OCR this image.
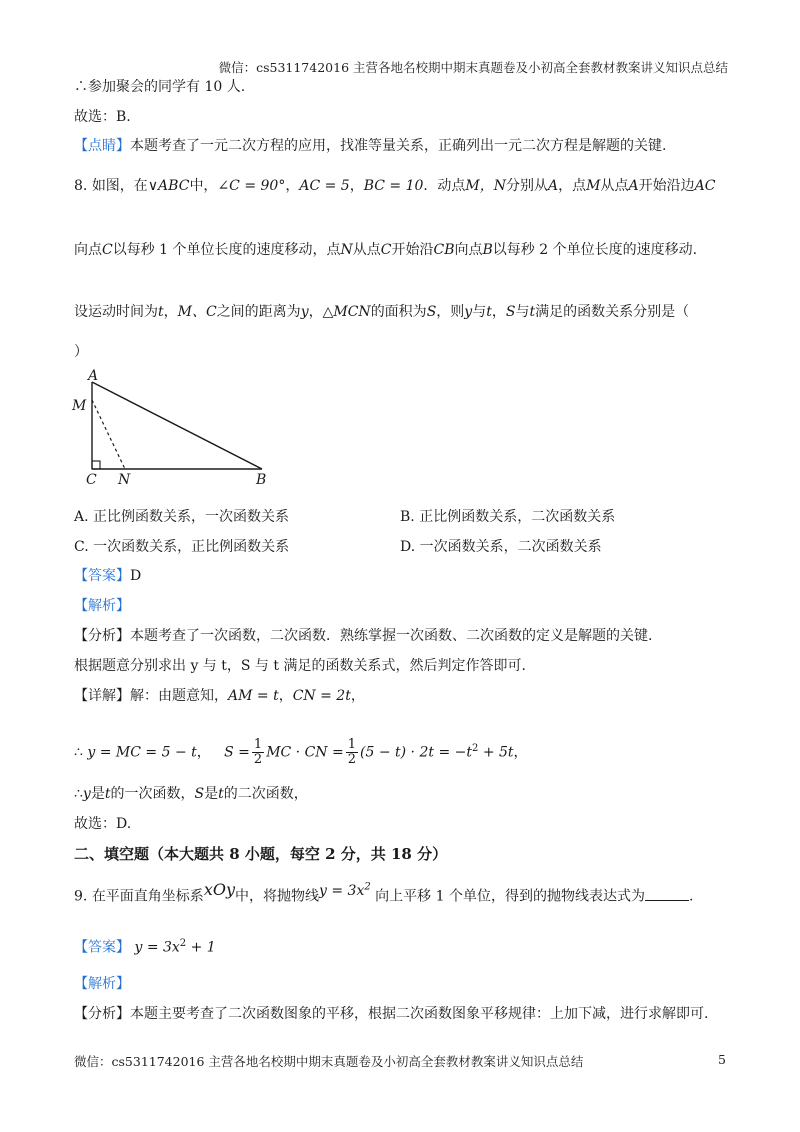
微信：cs5311742016 主营各地名校期中期末真题卷及小初高全套教材教案讲义知识点总结
∴参加聚会的同学有 10 人.
故选：B.
【点睛】本题考查了一元二次方程的应用，找准等量关系，正确列出一元二次方程是解题的关键.
8. 如图，在∨ABC中，∠C = 90°，AC = 5，BC = 10．动点M，N分别从A，点M从点A开始沿边AC
向点C以每秒 1 个单位长度的速度移动，点N从点C开始沿CB向点B以每秒 2 个单位长度的速度移动.
设运动时间为t，M、C之间的距离为y，△MCN的面积为S，则y与t，S与t满足的函数关系分别是（
）
A
M
C N	B
A. 正比例函数关系，一次函数关系	B. 正比例函数关系，二次函数关系
C. 一次函数关系，正比例函数关系	D. 一次函数关系，二次函数关系
【答案】D
【解析】
【分析】本题考查了一次函数，二次函数．熟练掌握一次函数、二次函数的定义是解题的关键.
根据题意分别求出 y 与 t，S 与 t 满足的函数关系式，然后判定作答即可.
【详解】解：由题意知，AM = t，CN = 2t，
∴ y = MC = 5 − t， $S = \frac{1}{2}$ MC · CN = $\frac{1}{2} (5 - t) \cdot 2t = -t^2 + 5t$，
∴y是t的一次函数，S是t的二次函数，
故选：D.
二、填空题（本大题共 8 小题，每空 2 分，共 18 分）
9. 在平面直角坐标系xOy中，将抛物线$y = 3x^2$ 向上平移 1 个单位，得到的抛物线表达式为	.
【答案】 $y = 3x^2 + 1$
【解析】
【分析】本题主要考查了二次函数图象的平移，根据二次函数图象平移规律：上加下减，进行求解即可.
微信：cs5311742016 主营各地名校期中期末真题卷及小初高全套教材教案讲义知识点总结	5
